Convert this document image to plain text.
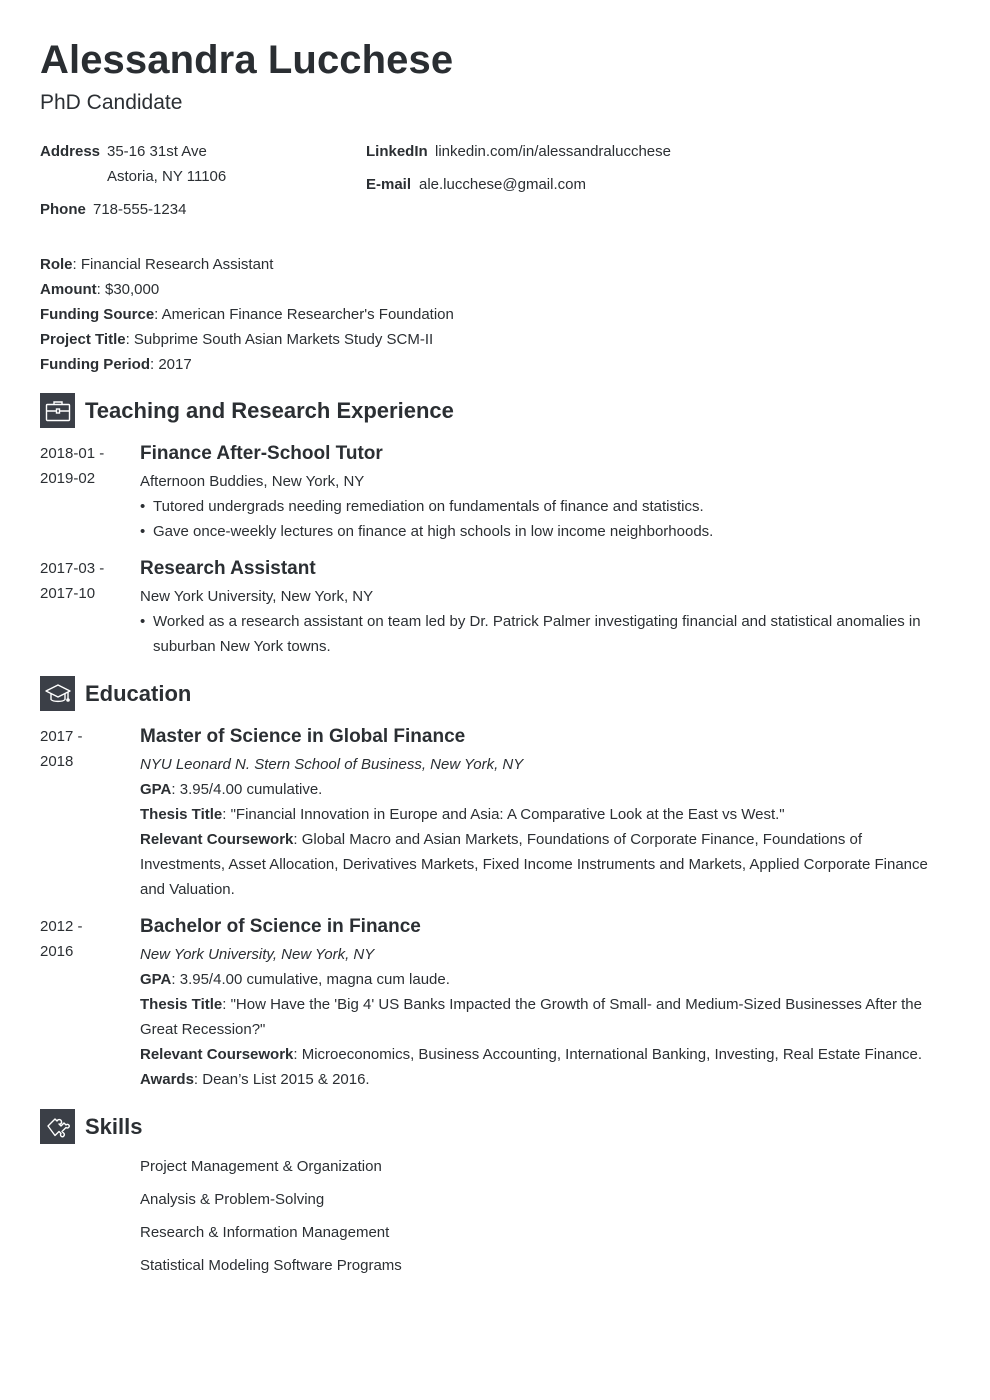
Alessandra Lucchese
PhD Candidate
Address 35-16 31st Ave
Astoria, NY 11106
Phone 718-555-1234
LinkedIn linkedin.com/in/alessandralucchese
E-mail ale.lucchese@gmail.com
Role: Financial Research Assistant
Amount: $30,000
Funding Source: American Finance Researcher's Foundation
Project Title: Subprime South Asian Markets Study SCM-II
Funding Period: 2017
Teaching and Research Experience
2018-01 -
2019-02
Finance After-School Tutor
Afternoon Buddies, New York, NY
• Tutored undergrads needing remediation on fundamentals of finance and statistics.
• Gave once-weekly lectures on finance at high schools in low income neighborhoods.
2017-03 -
2017-10
Research Assistant
New York University, New York, NY
• Worked as a research assistant on team led by Dr. Patrick Palmer investigating financial and statistical anomalies in suburban New York towns.
Education
2017 -
2018
Master of Science in Global Finance
NYU Leonard N. Stern School of Business, New York, NY
GPA: 3.95/4.00 cumulative.
Thesis Title: "Financial Innovation in Europe and Asia: A Comparative Look at the East vs West."
Relevant Coursework: Global Macro and Asian Markets, Foundations of Corporate Finance, Foundations of Investments, Asset Allocation, Derivatives Markets, Fixed Income Instruments and Markets, Applied Corporate Finance and Valuation.
2012 -
2016
Bachelor of Science in Finance
New York University, New York, NY
GPA: 3.95/4.00 cumulative, magna cum laude.
Thesis Title: "How Have the 'Big 4' US Banks Impacted the Growth of Small- and Medium-Sized Businesses After the Great Recession?"
Relevant Coursework: Microeconomics, Business Accounting, International Banking, Investing, Real Estate Finance.
Awards: Dean’s List 2015 & 2016.
Skills
Project Management & Organization
Analysis & Problem-Solving
Research & Information Management
Statistical Modeling Software Programs
